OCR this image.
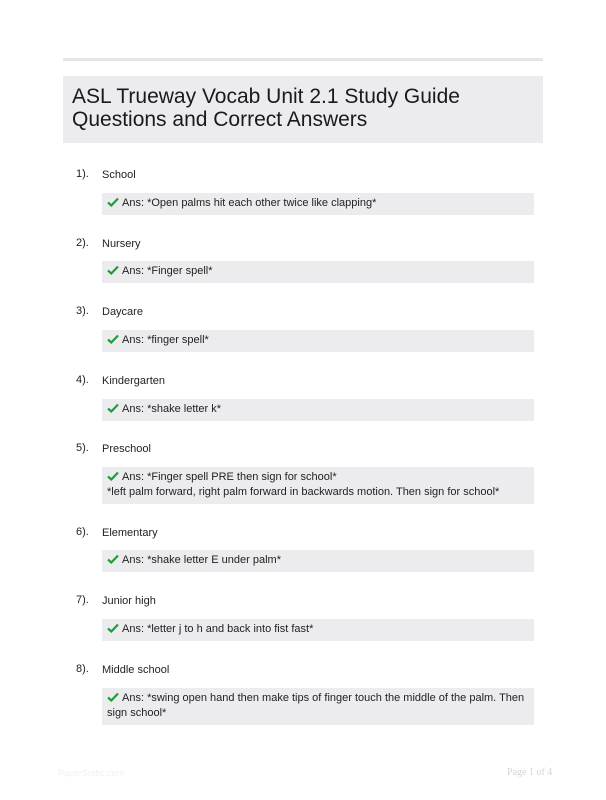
ASL Trueway Vocab Unit 2.1 Study Guide
Questions and Correct Answers
1). School
Ans: *Open palms hit each other twice like clapping*
2). Nursery
Ans: *Finger spell*
3). Daycare
Ans: *finger spell*
4). Kindergarten
Ans: *shake letter k*
5). Preschool
Ans: *Finger spell PRE then sign for school*
*left palm forward, right palm forward in backwards motion. Then sign for school*
6). Elementary
Ans: *shake letter E under palm*
7). Junior high
Ans: *letter j to h and back into fist fast*
8). Middle school
Ans: *swing open hand then make tips of finger touch the middle of the palm. Then
sign school*
PaperStatic.com	Page 1 of 4
